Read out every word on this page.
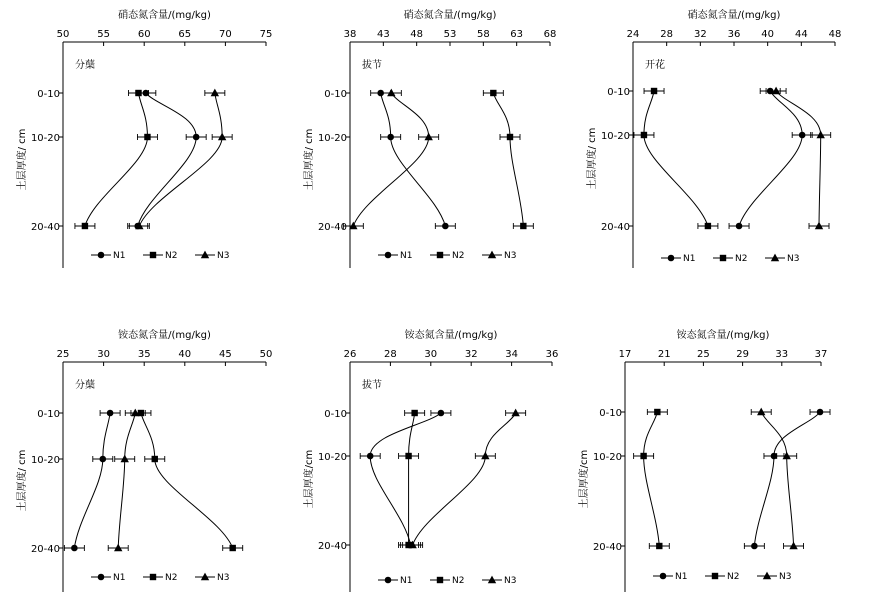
50	55	60	65	70	75
硝态氮含量/(mg/kg)
土层厚度/ cm
0-10
10-20
20-40
分蘖
N1	N2	N3
38 43 48 53 58 63 68
硝态氮含量/(mg/kg)
土层厚度/ cm
0-10
10-20
20-40
拔节
N1	N2	N3
24 28 32 36 40 44 48
硝态氮含量/(mg/kg)
土层厚度/ cm
0-10
10-20
20-40
开花
N1	N2	N3
25	30	35	40	45	50
铵态氮含量/(mg/kg)
土层厚度/ cm
0-10
10-20
20-40
分蘖
N1	N2	N3
26	28	30	32	34	36
铵态氮含量/(mg/kg)
土层厚度/cm
0-10
10-20
20-40
拔节
N1	N2	N3
17	21	25	29	33	37
铵态氮含量/(mg/kg)
土层厚度/cm
0-10
10-20
20-40
N1	N2	N3
